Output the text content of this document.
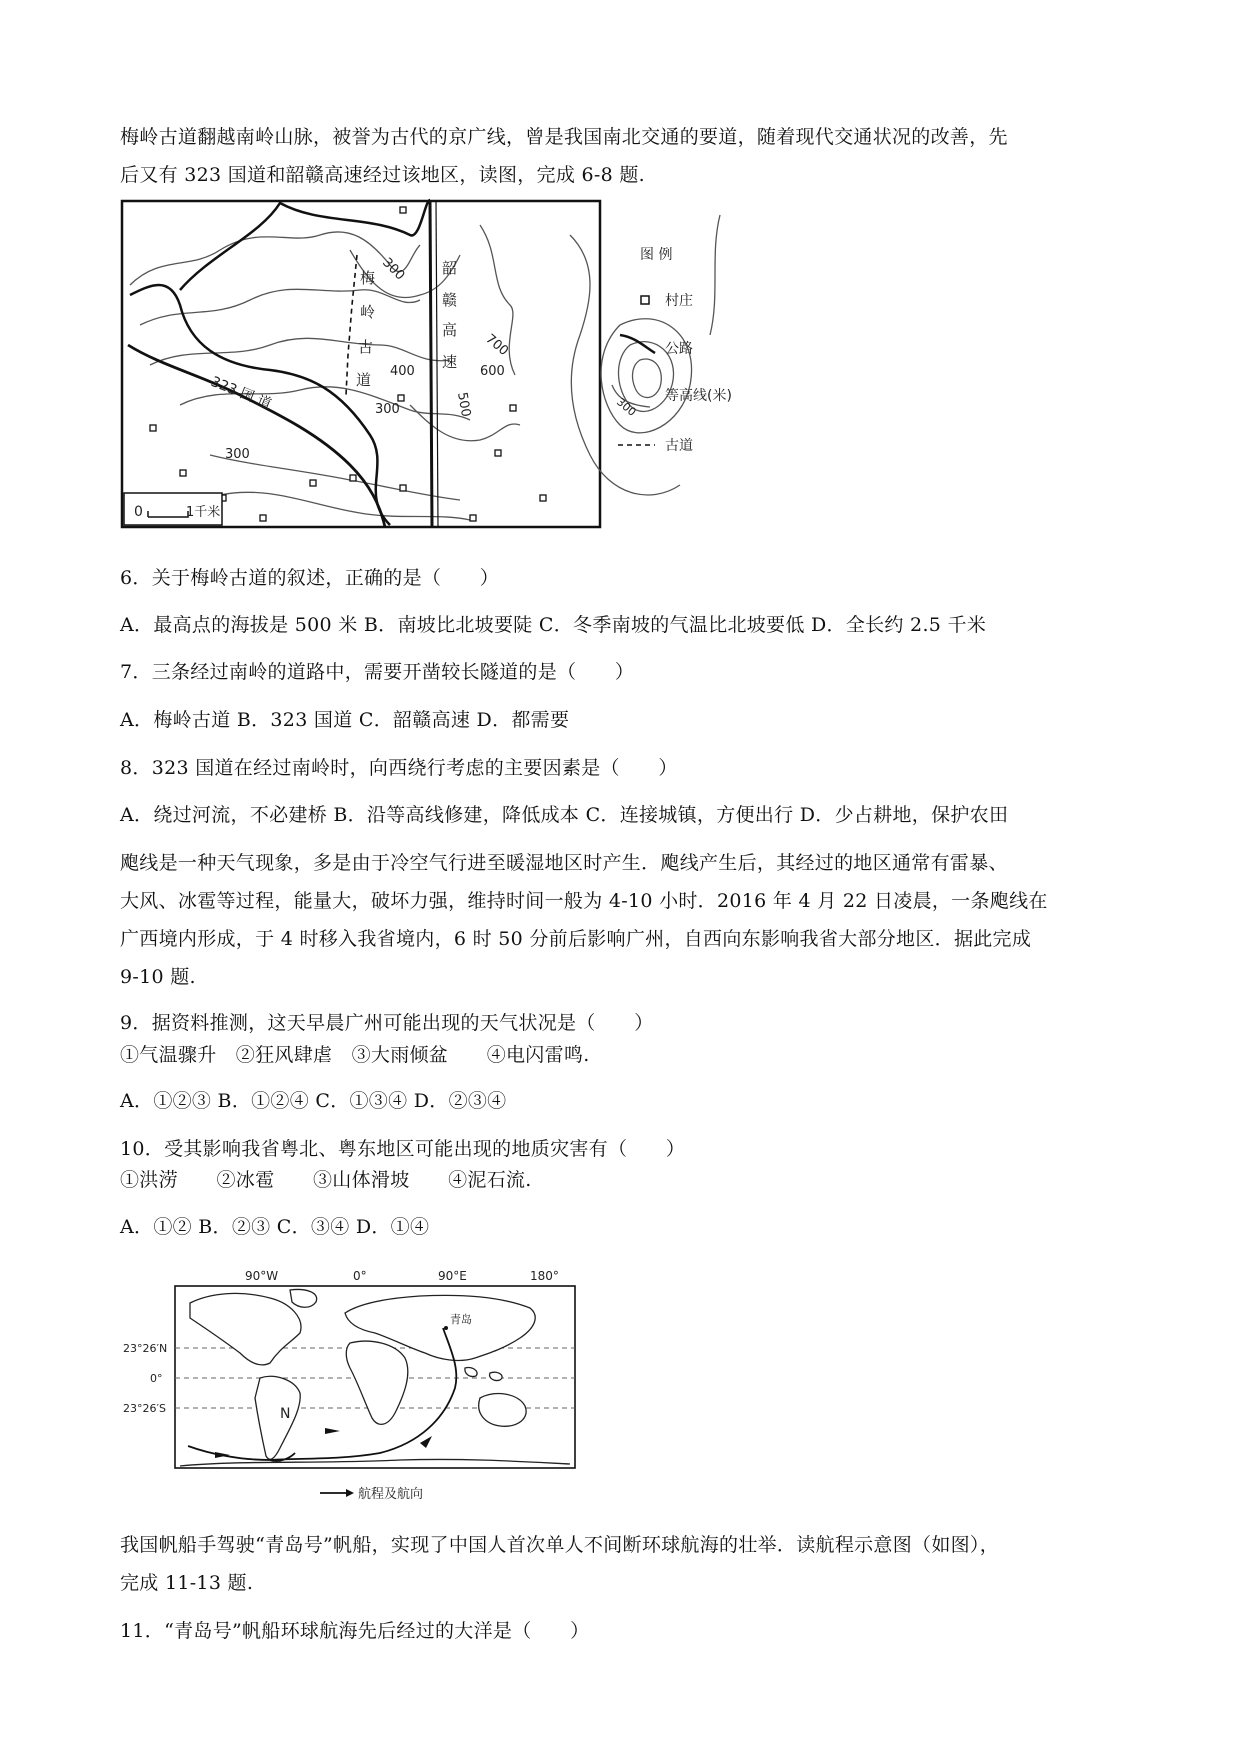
梅岭古道翻越南岭山脉，被誉为古代的京广线，曾是我国南北交通的要道，随着现代交通状况的改善，先
后又有 323 国道和韶赣高速经过该地区，读图，完成 6-8 题.
梅
岭
古
道
韶
赣
高
速
323 国 道
300
400
300
300
500
600
700
0	1千米
图 例
村庄
公路
300 等高线(米)
古道
6．关于梅岭古道的叙述，正确的是（　　）
A．最高点的海拔是 500 米 B．南坡比北坡要陡 C．冬季南坡的气温比北坡要低 D．全长约 2.5 千米
7．三条经过南岭的道路中，需要开凿较长隧道的是（　　）
A．梅岭古道 B．323 国道 C．韶赣高速 D．都需要
8．323 国道在经过南岭时，向西绕行考虑的主要因素是（　　）
A．绕过河流，不必建桥 B．沿等高线修建，降低成本 C．连接城镇，方便出行 D．少占耕地，保护农田
飑线是一种天气现象，多是由于冷空气行进至暖湿地区时产生．飑线产生后，其经过的地区通常有雷暴、
大风、冰雹等过程，能量大，破坏力强，维持时间一般为 4-10 小时．2016 年 4 月 22 日凌晨，一条飑线在
广西境内形成，于 4 时移入我省境内，6 时 50 分前后影响广州，自西向东影响我省大部分地区．据此完成
9-10 题.
9．据资料推测，这天早晨广州可能出现的天气状况是（　　）
①气温骤升　②狂风肆虐　③大雨倾盆　　④电闪雷鸣.
A．①②③ B．①②④ C．①③④ D．②③④
10．受其影响我省粤北、粤东地区可能出现的地质灾害有（　　）
①洪涝　　②冰雹　　③山体滑坡　　④泥石流.
A．①② B．②③ C．③④ D．①④
90°W	0°	90°E	180°
23°26′N
0°
23°26′S
青岛
N
航程及航向
我国帆船手驾驶“青岛号”帆船，实现了中国人首次单人不间断环球航海的壮举．读航程示意图（如图），
完成 11-13 题.
11．“青岛号”帆船环球航海先后经过的大洋是（　　）
